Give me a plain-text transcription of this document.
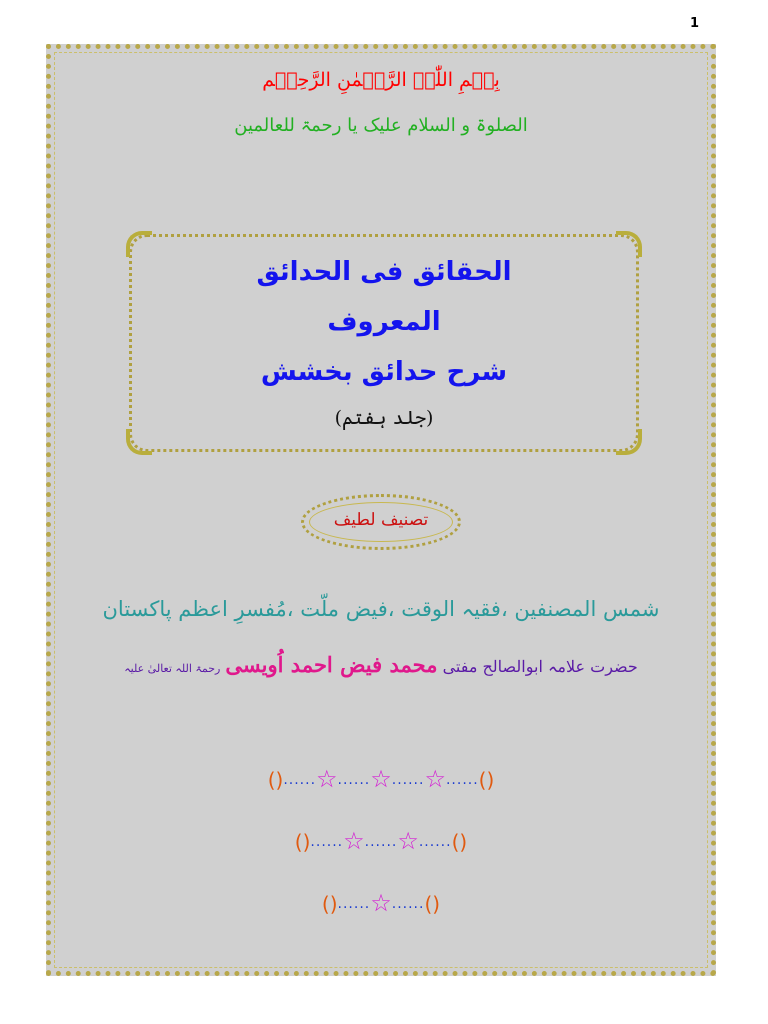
1
بِسۡمِ اللّٰہِ الرَّحۡمٰنِ الرَّحِیۡم
الصلوۃ و السلام علیک یا رحمۃ للعالمین
الحقائق فی الحدائق
المعروف
شرح حدائق بخشش
(جلد ہفتم)
تصنیف لطیف
شمس المصنفین ،فقیہ الوقت ،فیض ملّت ،مُفسرِ اعظم پاکستان
حضرت علامہ ابوالصالح مفتی محمد فیض احمد اُویسی رحمۃ اللہ تعالیٰ علیہ
()......☆......☆......☆......()
()......☆......☆......()
()......☆......()
